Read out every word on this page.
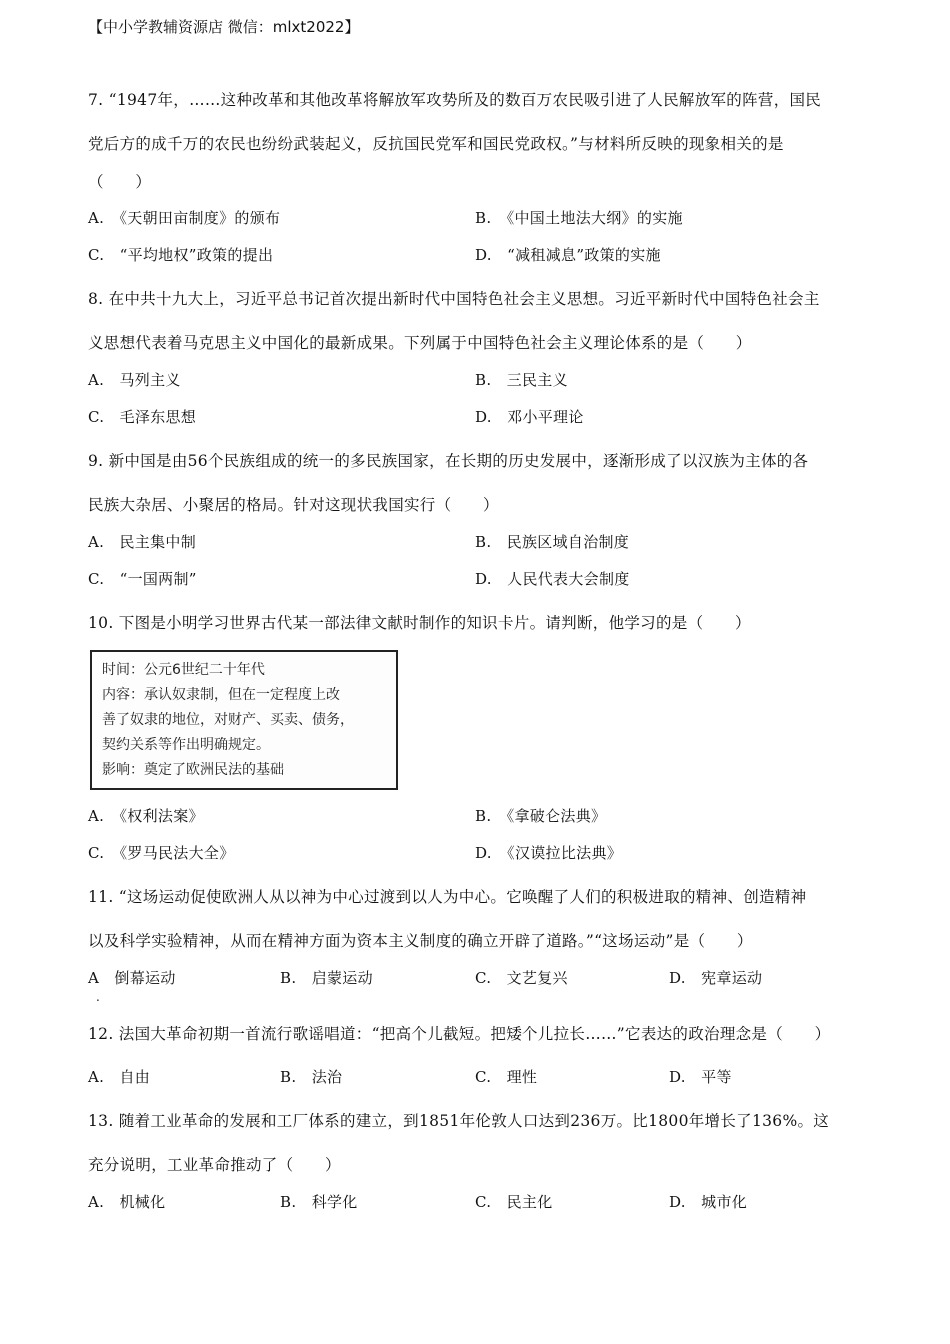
【中小学教辅资源店 微信：mlxt2022】
7. “1947年，……这种改革和其他改革将解放军攻势所及的数百万农民吸引进了人民解放军的阵营，国民
党后方的成千万的农民也纷纷武装起义，反抗国民党军和国民党政权。”与材料所反映的现象相关的是
（　　）
A.　《天朝田亩制度》的颁布	B.　《中国土地法大纲》的实施
C.　“平均地权”政策的提出	D.　“减租减息”政策的实施
8. 在中共十九大上，习近平总书记首次提出新时代中国特色社会主义思想。习近平新时代中国特色社会主
义思想代表着马克思主义中国化的最新成果。下列属于中国特色社会主义理论体系的是（　　）
A.　马列主义	B.　三民主义
C.　毛泽东思想	D.　邓小平理论
9. 新中国是由56个民族组成的统一的多民族国家，在长期的历史发展中，逐渐形成了以汉族为主体的各
民族大杂居、小聚居的格局。针对这现状我国实行（　　）
A.　民主集中制	B.　民族区域自治制度
C.　“一国两制”	D.　人民代表大会制度
10. 下图是小明学习世界古代某一部法律文献时制作的知识卡片。请判断，他学习的是（　　）
时间：公元6世纪二十年代
内容：承认奴隶制，但在一定程度上改
善了奴隶的地位，对财产、买卖、债务，
契约关系等作出明确规定。
影响：奠定了欧洲民法的基础
A.　《权利法案》	B.　《拿破仑法典》
C.　《罗马民法大全》	D.　《汉谟拉比法典》
11. “这场运动促使欧洲人从以神为中心过渡到以人为中心。它唤醒了人们的积极进取的精神、创造精神
以及科学实验精神，从而在精神方面为资本主义制度的确立开辟了道路。”“这场运动”是（　　）
A　倒幕运动	B.　启蒙运动	C.　文艺复兴	D.　宪章运动
.
12. 法国大革命初期一首流行歌谣唱道：“把高个儿截短。把矮个儿拉长……”它表达的政治理念是（　　）
A.　自由	B.　法治	C.　理性	D.　平等
13. 随着工业革命的发展和工厂体系的建立，到1851年伦敦人口达到236万。比1800年增长了136%。这
充分说明，工业革命推动了（　　）
A.　机械化	B.　科学化	C.　民主化	D.　城市化
